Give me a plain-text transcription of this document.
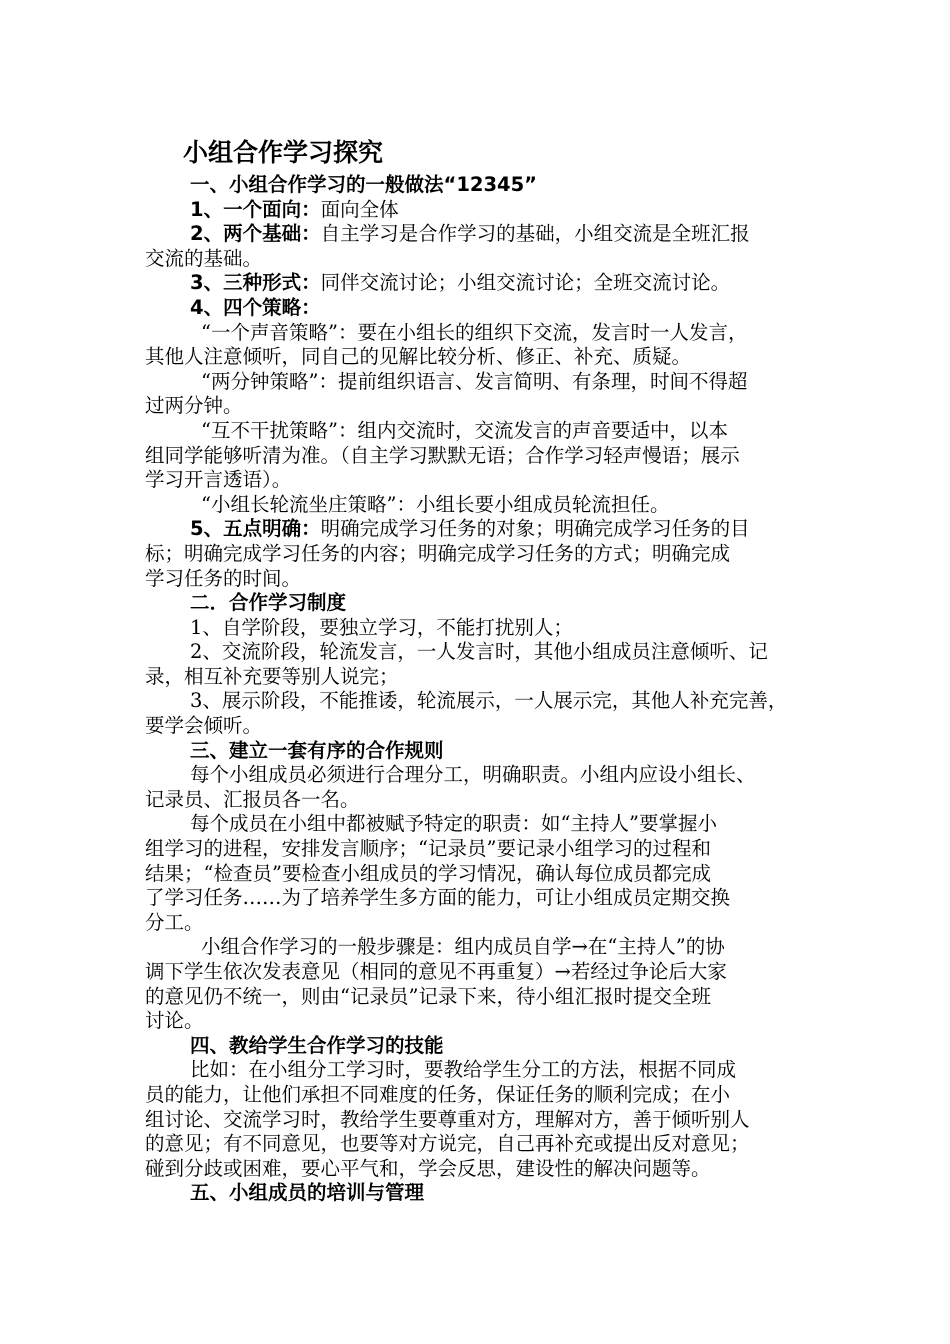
小组合作学习探究
一、小组合作学习的一般做法“12345”
1、一个面向：面向全体
2、两个基础：自主学习是合作学习的基础，小组交流是全班汇报
交流的基础。
3、三种形式：同伴交流讨论；小组交流讨论；全班交流讨论。
4、四个策略：
“一个声音策略”：要在小组长的组织下交流，发言时一人发言，
其他人注意倾听，同自己的见解比较分析、修正、补充、质疑。
“两分钟策略”：提前组织语言、发言简明、有条理，时间不得超
过两分钟。
“互不干扰策略”：组内交流时，交流发言的声音要适中，以本
组同学能够听清为准。（自主学习默默无语；合作学习轻声慢语；展示
学习开言透语）。
“小组长轮流坐庄策略”：小组长要小组成员轮流担任。
5、五点明确：明确完成学习任务的对象；明确完成学习任务的目
标；明确完成学习任务的内容；明确完成学习任务的方式；明确完成
学习任务的时间。
二．合作学习制度
1、自学阶段，要独立学习，不能打扰别人；
2、交流阶段，轮流发言，一人发言时，其他小组成员注意倾听、记
录，相互补充要等别人说完；
3、展示阶段，不能推诿，轮流展示，一人展示完，其他人补充完善，
要学会倾听。
三、建立一套有序的合作规则
每个小组成员必须进行合理分工，明确职责。小组内应设小组长、
记录员、汇报员各一名。
每个成员在小组中都被赋予特定的职责：如“主持人”要掌握小
组学习的进程，安排发言顺序；“记录员”要记录小组学习的过程和
结果；“检查员”要检查小组成员的学习情况，确认每位成员都完成
了学习任务……为了培养学生多方面的能力，可让小组成员定期交换
分工。
小组合作学习的一般步骤是：组内成员自学→在“主持人”的协
调下学生依次发表意见（相同的意见不再重复）→若经过争论后大家
的意见仍不统一，则由“记录员”记录下来，待小组汇报时提交全班
讨论。
四、教给学生合作学习的技能
比如：在小组分工学习时，要教给学生分工的方法，根据不同成
员的能力，让他们承担不同难度的任务，保证任务的顺利完成；在小
组讨论、交流学习时，教给学生要尊重对方，理解对方，善于倾听别人
的意见；有不同意见，也要等对方说完，自己再补充或提出反对意见；
碰到分歧或困难，要心平气和，学会反思，建设性的解决问题等。
五、小组成员的培训与管理
